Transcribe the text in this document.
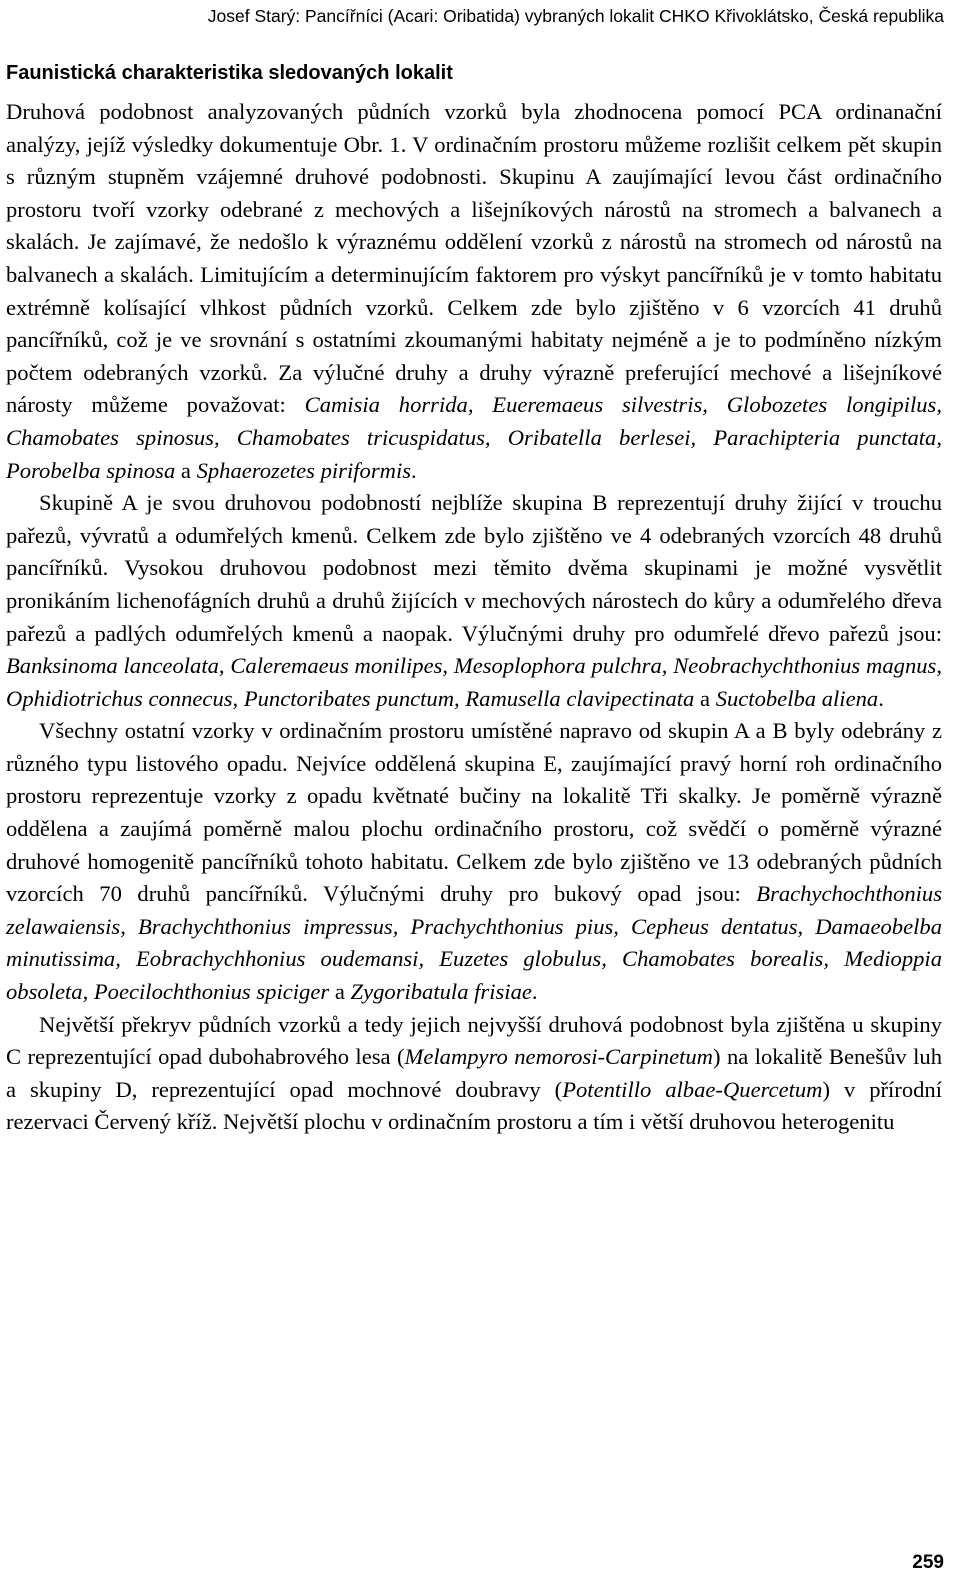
Josef Starý: Pancířníci (Acari: Oribatida) vybraných lokalit CHKO Křivoklátsko, Česká republika
Faunistická charakteristika sledovaných lokalit

Druhová podobnost analyzovaných půdních vzorků byla zhodnocena pomocí PCA ordinanační analýzy, jejíž výsledky dokumentuje Obr. 1. V ordinačním prostoru můžeme rozlišit celkem pět skupin s různým stupněm vzájemné druhové podobnosti. Skupinu A zaujímající levou část ordinačního prostoru tvoří vzorky odebrané z mechových a lišejníkových nárostů na stromech a balvanech a skalách. Je zajímavé, že nedošlo k výraznému oddělení vzorků z nárostů na stromech od nárostů na balvanech a skalách. Limitujícím a determinujícím faktorem pro výskyt pancířníků je v tomto habitatu extrémně kolísající vlhkost půdních vzorků. Celkem zde bylo zjištěno v 6 vzorcích 41 druhů pancířníků, což je ve srovnání s ostatními zkoumanými habitaty nejméně a je to podmíněno nízkým počtem odebraných vzorků. Za výlučné druhy a druhy výrazně preferující mechové a lišejníkové nárosty můžeme považovat: Camisia horrida, Eueremaeus silvestris, Globozetes longipilus, Chamobates spinosus, Chamobates tricuspidatus, Oribatella berlesei, Parachipteria punctata, Porobelba spinosa a Sphaerozetes piriformis.

Skupině A je svou druhovou podobností nejblíže skupina B reprezentují druhy žijící v trouchu pařezů, vývratů a odumřelých kmenů. Celkem zde bylo zjištěno ve 4 odebraných vzorcích 48 druhů pancířníků. Vysokou druhovou podobnost mezi těmito dvěma skupinami je možné vysvětlit pronikáním lichenofágních druhů a druhů žijících v mechových nárostech do kůry a odumřelého dřeva pařezů a padlých odumřelých kmenů a naopak. Výlučnými druhy pro odumřelé dřevo pařezů jsou: Banksinoma lanceolata, Caleremaeus monilipes, Mesoplophora pulchra, Neobrachychthonius magnus, Ophidiotrichus connecus, Punctoribates punctum, Ramusella clavipectinata a Suctobelba aliena.

Všechny ostatní vzorky v ordinačním prostoru umístěné napravo od skupin A a B byly odebrány z různého typu listového opadu. Nejvíce oddělená skupina E, zaujímající pravý horní roh ordinačního prostoru reprezentuje vzorky z opadu květnaté bučiny na lokalitě Tři skalky. Je poměrně výrazně oddělena a zaujímá poměrně malou plochu ordinačního prostoru, což svědčí o poměrně výrazné druhové homogenitě pancířníků tohoto habitatu. Celkem zde bylo zjištěno ve 13 odebraných půdních vzorcích 70 druhů pancířníků. Výlučnými druhy pro bukový opad jsou: Brachychochthonius zelawaiensis, Brachychthonius impressus, Prachychthonius pius, Cepheus dentatus, Damaeobelba minutissima, Eobrachychhonius oudemansi, Euzetes globulus, Chamobates borealis, Medioppia obsoleta, Poecilochthonius spiciger a Zygoribatula frisiae.

Největší překryv půdních vzorků a tedy jejich nejvyšší druhová podobnost byla zjištěna u skupiny C reprezentující opad dubohabrového lesa (Melampyro nemorosi-Carpinetum) na lokalitě Benešův luh a skupiny D, reprezentující opad mochnové doubravy (Potentillo albae-Quercetum) v přírodní rezervaci Červený kříž. Největší plochu v ordinačním prostoru a tím i větší druhovou heterogenitu

259
